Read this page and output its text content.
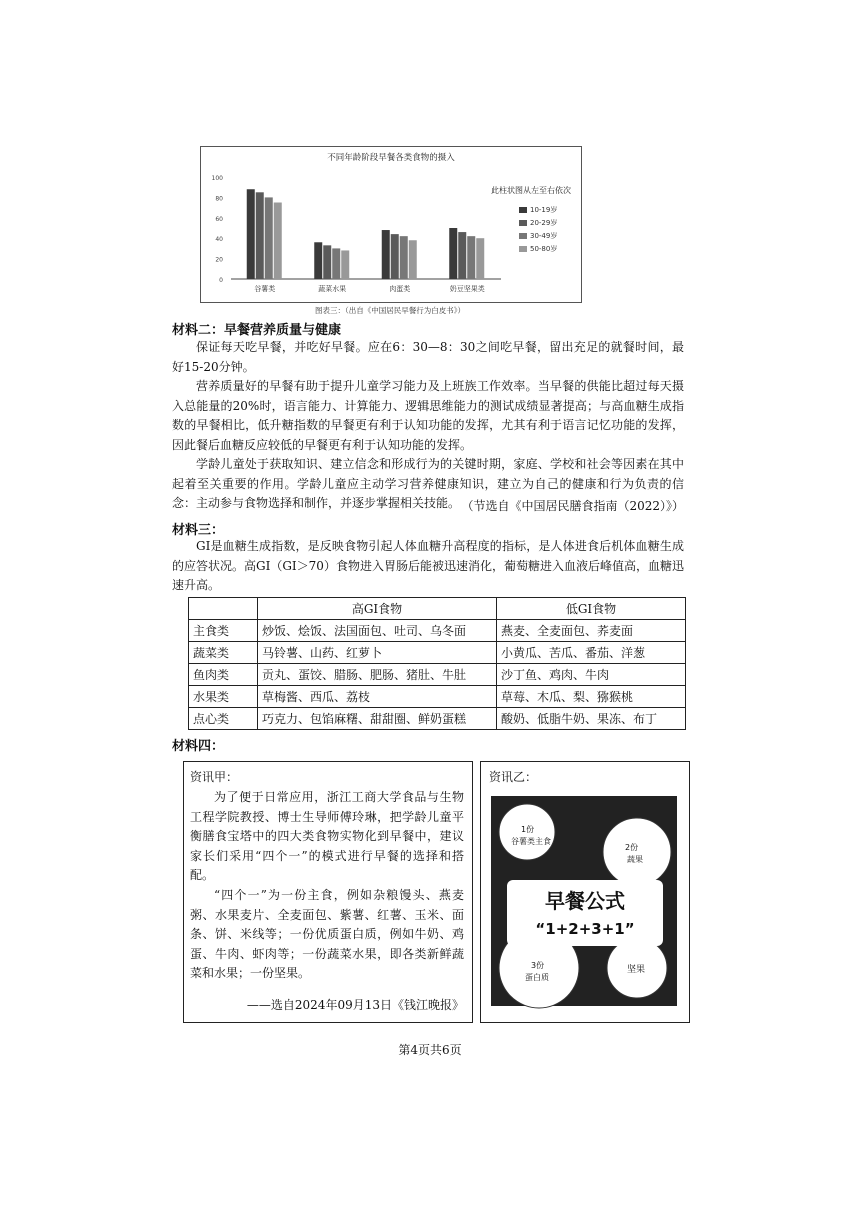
不同年龄阶段早餐各类食物的摄入
此柱状图从左至右依次
0
20
40
60
80
100
谷薯类	蔬菜水果	肉蛋类	奶豆坚果类
10-19岁
20-29岁
30-49岁
50-80岁
图表三：（出自《中国居民早餐行为白皮书》）
材料二：早餐营养质量与健康
保证每天吃早餐，并吃好早餐。应在6：30—8：30之间吃早餐，留出充足的就餐时间，最好15-20分钟。
营养质量好的早餐有助于提升儿童学习能力及上班族工作效率。当早餐的供能比超过每天摄入总能量的20%时，语言能力、计算能力、逻辑思维能力的测试成绩显著提高；与高血糖生成指数的早餐相比，低升糖指数的早餐更有利于认知功能的发挥，尤其有利于语言记忆功能的发挥，因此餐后血糖反应较低的早餐更有利于认知功能的发挥。
学龄儿童处于获取知识、建立信念和形成行为的关键时期，家庭、学校和社会等因素在其中起着至关重要的作用。学龄儿童应主动学习营养健康知识，建立为自己的健康和行为负责的信念：主动参与食物选择和制作，并逐步掌握相关技能。 （节选自《中国居民膳食指南（2022）》）
材料三：
GI是血糖生成指数，是反映食物引起人体血糖升高程度的指标，是人体进食后机体血糖生成的应答状况。高GI（GI＞70）食物进入胃肠后能被迅速消化，葡萄糖进入血液后峰值高，血糖迅速升高。
	高GI食物	低GI食物
主食类	炒饭、烩饭、法国面包、吐司、乌冬面	燕麦、全麦面包、荞麦面
蔬菜类	马铃薯、山药、红萝卜	小黄瓜、苦瓜、番茄、洋葱
鱼肉类	贡丸、蛋饺、腊肠、肥肠、猪肚、牛肚	沙丁鱼、鸡肉、牛肉
水果类	草梅酱、西瓜、荔枝	草莓、木瓜、梨、猕猴桃
点心类	巧克力、包馅麻糬、甜甜圈、鲜奶蛋糕	酸奶、低脂牛奶、果冻、布丁
材料四：
资讯甲：
为了便于日常应用，浙江工商大学食品与生物工程学院教授、博士生导师傅玲琳，把学龄儿童平衡膳食宝塔中的四大类食物实物化到早餐中，建议家长们采用“四个一”的模式进行早餐的选择和搭配。
“四个一”为一份主食，例如杂粮馒头、燕麦粥、水果麦片、全麦面包、紫薯、红薯、玉米、面条、饼、米线等；一份优质蛋白质，例如牛奶、鸡蛋、牛肉、虾肉等；一份蔬菜水果，即各类新鲜蔬菜和水果；一份坚果。
——选自2024年09月13日《钱江晚报》
资讯乙：
1份
谷薯类主食
2份
蔬果
早餐公式
“1+2+3+1”
3份
蛋白质
坚果
第4页共6页
